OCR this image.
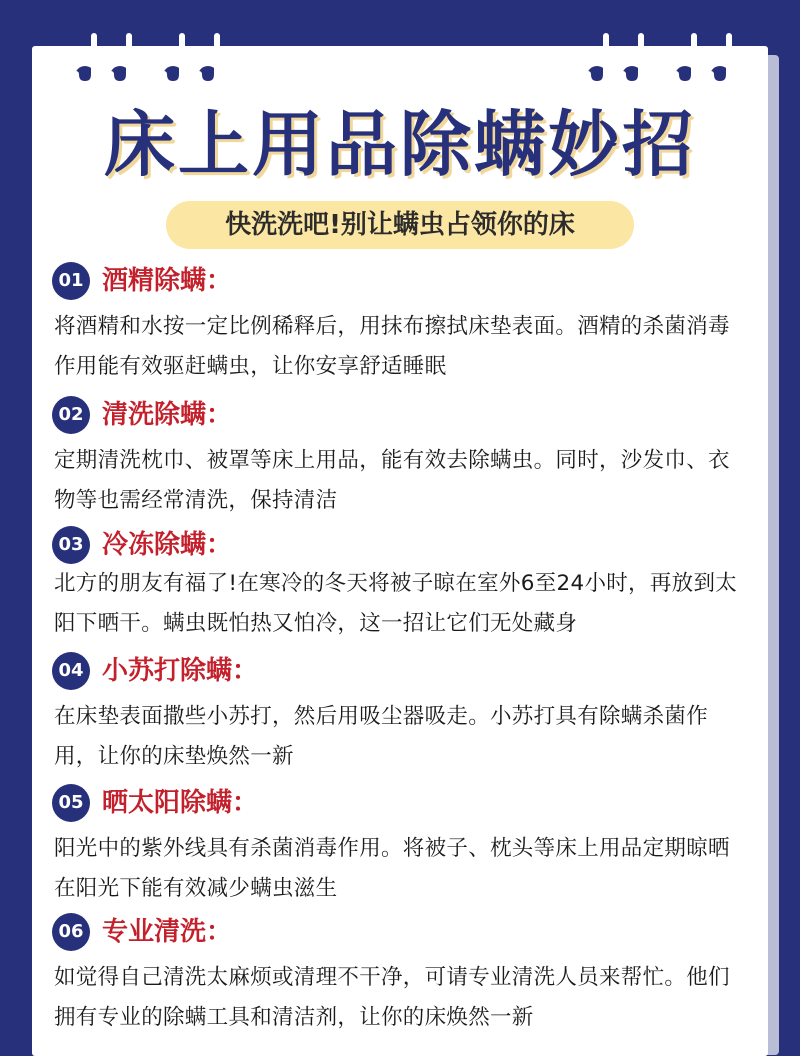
床上用品除螨妙招
快洗洗吧!别让螨虫占领你的床
01 酒精除螨：
将酒精和水按一定比例稀释后，用抹布擦拭床垫表面。酒精的杀菌消毒作用能有效驱赶螨虫，让你安享舒适睡眠
02 清洗除螨：
定期清洗枕巾、被罩等床上用品，能有效去除螨虫。同时，沙发巾、衣物等也需经常清洗，保持清洁
03 冷冻除螨：
北方的朋友有福了!在寒冷的冬天将被子晾在室外6至24小时，再放到太阳下晒干。螨虫既怕热又怕冷，这一招让它们无处藏身
04 小苏打除螨：
在床垫表面撒些小苏打，然后用吸尘器吸走。小苏打具有除螨杀菌作用，让你的床垫焕然一新
05 晒太阳除螨：
阳光中的紫外线具有杀菌消毒作用。将被子、枕头等床上用品定期晾晒在阳光下能有效减少螨虫滋生
06 专业清洗：
如觉得自己清洗太麻烦或清理不干净，可请专业清洗人员来帮忙。他们拥有专业的除螨工具和清洁剂，让你的床焕然一新
